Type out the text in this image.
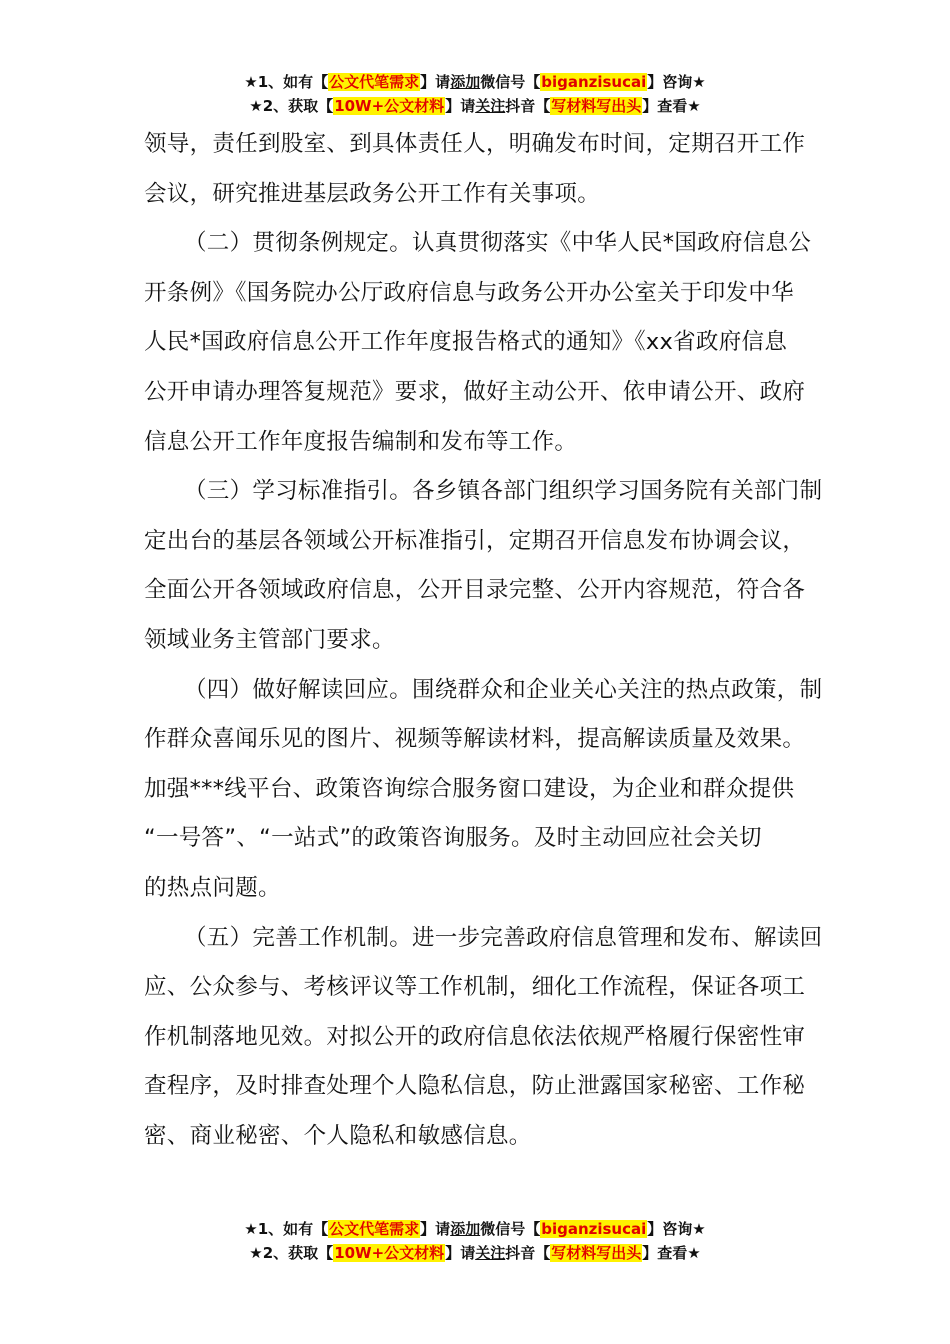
★1、如有【公文代笔需求】请添加微信号【biganzisucai】咨询★
★2、获取【10W+公文材料】请关注抖音【写材料写出头】查看★
领导，责任到股室、到具体责任人，明确发布时间，定期召开工作
会议，研究推进基层政务公开工作有关事项。
（二）贯彻条例规定。认真贯彻落实《中华人民*国政府信息公
开条例》《国务院办公厅政府信息与政务公开办公室关于印发中华
人民*国政府信息公开工作年度报告格式的通知》《xx省政府信息
公开申请办理答复规范》要求，做好主动公开、依申请公开、政府
信息公开工作年度报告编制和发布等工作。
（三）学习标准指引。各乡镇各部门组织学习国务院有关部门制
定出台的基层各领域公开标准指引，定期召开信息发布协调会议，
全面公开各领域政府信息，公开目录完整、公开内容规范，符合各
领域业务主管部门要求。
（四）做好解读回应。围绕群众和企业关心关注的热点政策，制
作群众喜闻乐见的图片、视频等解读材料，提高解读质量及效果。
加强***线平台、政策咨询综合服务窗口建设，为企业和群众提供
“一号答”、“一站式”的政策咨询服务。及时主动回应社会关切
的热点问题。
（五）完善工作机制。进一步完善政府信息管理和发布、解读回
应、公众参与、考核评议等工作机制，细化工作流程，保证各项工
作机制落地见效。对拟公开的政府信息依法依规严格履行保密性审
查程序，及时排查处理个人隐私信息，防止泄露国家秘密、工作秘
密、商业秘密、个人隐私和敏感信息。
★1、如有【公文代笔需求】请添加微信号【biganzisucai】咨询★
★2、获取【10W+公文材料】请关注抖音【写材料写出头】查看★
